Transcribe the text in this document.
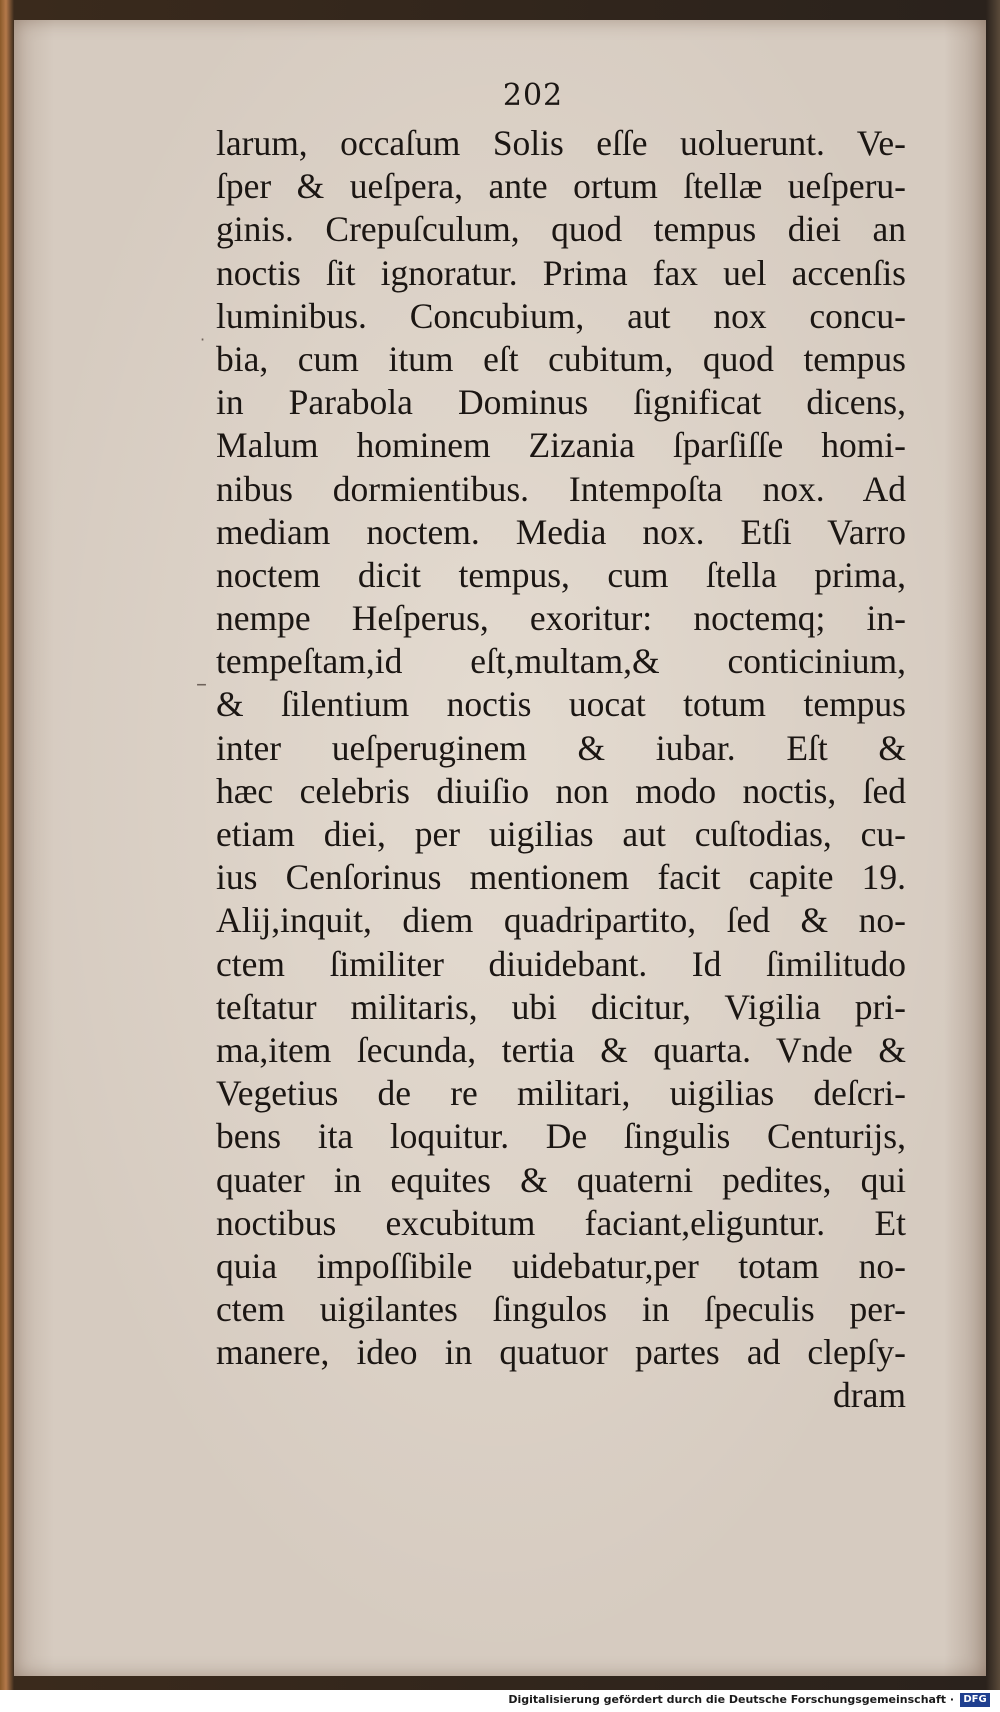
202
·
–
larum, occaſum Solis eſſe uoluerunt. Ve-
ſper & ueſpera, ante ortum ſtellæ ueſperu-
ginis. Crepuſculum, quod tempus diei an
noctis ſit ignoratur. Prima fax uel accenſis
luminibus. Concubium, aut nox concu-
bia, cum itum eſt cubitum, quod tempus
in Parabola Dominus ſignificat dicens,
Malum hominem Zizania ſparſiſſe homi-
nibus dormientibus. Intempoſta nox. Ad
mediam noctem. Media nox. Etſi Varro
noctem dicit tempus, cum ſtella prima,
nempe Heſperus, exoritur: noctemq; in-
tempeſtam,id eſt,multam,& conticinium,
& ſilentium noctis uocat totum tempus
inter ueſperuginem & iubar. Eſt &
hæc celebris diuiſio non modo noctis, ſed
etiam diei, per uigilias aut cuſtodias, cu-
ius Cenſorinus mentionem facit capite 19.
Alij,inquit, diem quadripartito, ſed & no-
ctem ſimiliter diuidebant. Id ſimilitudo
teſtatur militaris, ubi dicitur, Vigilia pri-
ma,item ſecunda, tertia & quarta. Vnde &
Vegetius de re militari, uigilias deſcri-
bens ita loquitur. De ſingulis Centurijs,
quater in equites & quaterni pedites, qui
noctibus excubitum faciant,eliguntur. Et
quia impoſſibile uidebatur,per totam no-
ctem uigilantes ſingulos in ſpeculis per-
manere, ideo in quatuor partes ad clepſy-
dram
Digitalisierung gefördert durch die Deutsche Forschungsgemeinschaft · DFG
